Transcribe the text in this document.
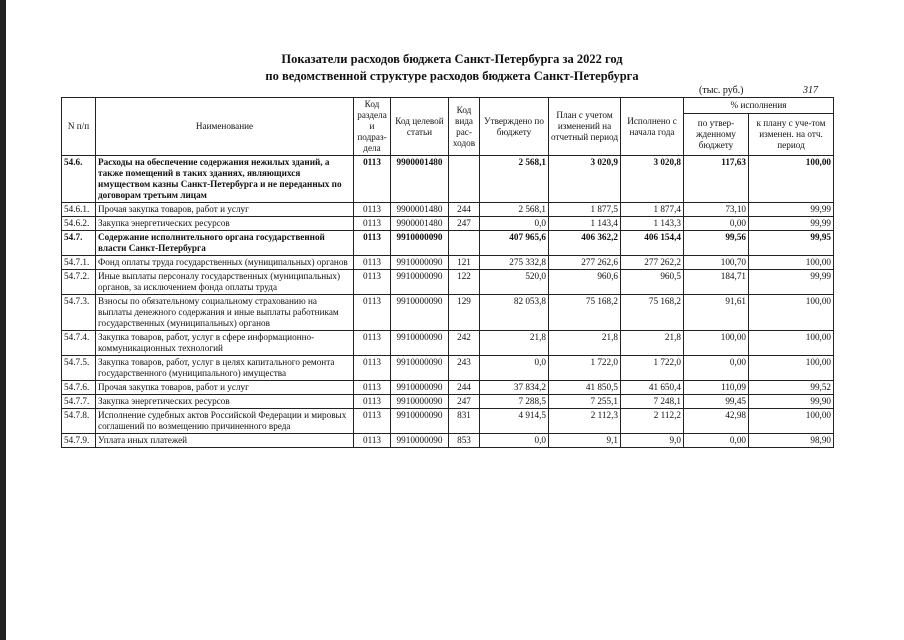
Показатели расходов бюджета Санкт-Петербурга за 2022 год
по ведомственной структуре расходов бюджета Санкт-Петербурга
(тыс. руб.)	317
N п/п	Наименование	Код раздела и подраз-дела	Код целевой статьи	Код вида рас-ходов	Утверждено по бюджету	План с учетом изменений на отчетный период	Исполнено с начала года	% исполнения	
								по утвер-жденному бюджету	к плану с уче-том изменен. на отч. период
54.6.	Расходы на обеспечение содержания нежилых зданий, а также помещений в таких зданиях, являющихся имуществом казны Санкт-Петербурга и не переданных по договорам третьим лицам	0113	9900001480		2 568,1	3 020,9	3 020,8	117,63	100,00
54.6.1.	Прочая закупка товаров, работ и услуг	0113	9900001480	244	2 568,1	1 877,5	1 877,4	73,10	99,99
54.6.2.	Закупка энергетических ресурсов	0113	9900001480	247	0,0	1 143,4	1 143,3	0,00	99,99
54.7.	Содержание исполнительного органа государственной власти Санкт-Петербурга	0113	9910000090		407 965,6	406 362,2	406 154,4	99,56	99,95
54.7.1.	Фонд оплаты труда государственных (муниципальных) органов	0113	9910000090	121	275 332,8	277 262,6	277 262,2	100,70	100,00
54.7.2.	Иные выплаты персоналу государственных (муниципальных) органов, за исключением фонда оплаты труда	0113	9910000090	122	520,0	960,6	960,5	184,71	99,99
54.7.3.	Взносы по обязательному социальному страхованию на выплаты денежного содержания и иные выплаты работникам государственных (муниципальных) органов	0113	9910000090	129	82 053,8	75 168,2	75 168,2	91,61	100,00
54.7.4.	Закупка товаров, работ, услуг в сфере информационно-коммуникационных технологий	0113	9910000090	242	21,8	21,8	21,8	100,00	100,00
54.7.5.	Закупка товаров, работ, услуг в целях капитального ремонта государственного (муниципального) имущества	0113	9910000090	243	0,0	1 722,0	1 722,0	0,00	100,00
54.7.6.	Прочая закупка товаров, работ и услуг	0113	9910000090	244	37 834,2	41 850,5	41 650,4	110,09	99,52
54.7.7.	Закупка энергетических ресурсов	0113	9910000090	247	7 288,5	7 255,1	7 248,1	99,45	99,90
54.7.8.	Исполнение судебных актов Российской Федерации и мировых соглашений по возмещению причиненного вреда	0113	9910000090	831	4 914,5	2 112,3	2 112,2	42,98	100,00
54.7.9.	Уплата иных платежей	0113	9910000090	853	0,0	9,1	9,0	0,00	98,90
